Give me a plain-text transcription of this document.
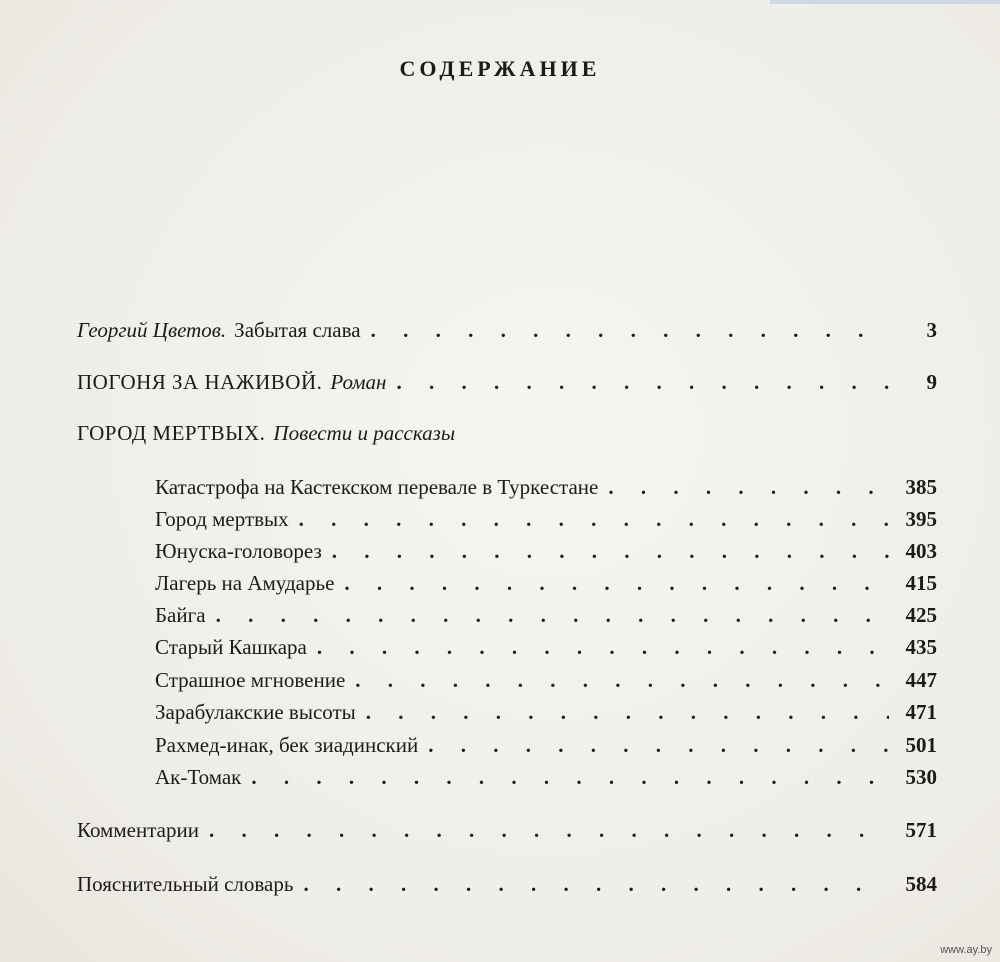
СОДЕРЖАНИЕ
Георгий Цветов. Забытая слава . . .	3
ПОГОНЯ ЗА НАЖИВОЙ. Роман . . .	9
ГОРОД МЕРТВЫХ. Повести и рассказы
Катастрофа на Кастекском перевале в Туркестане . . .	385
Город мертвых . . .	395
Юнуска-головорез . . .	403
Лагерь на Амударье . . .	415
Байга . . .	425
Старый Кашкара . . .	435
Страшное мгновение . . .	447
Зарабулакские высоты . . .	471
Рахмед-инак, бек зиадинский . . .	501
Ак-Томак . . .	530
Комментарии . . .	571
Пояснительный словарь . . .	584
www.ay.by
